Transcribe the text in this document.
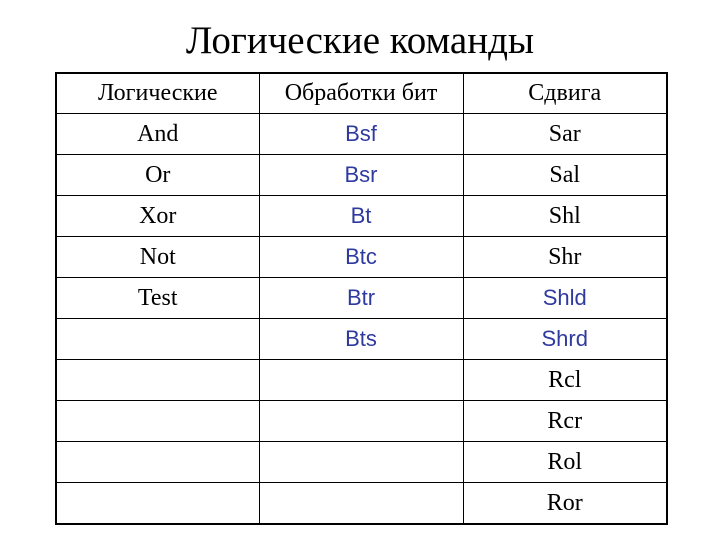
Логические команды
Логические	Обработки бит	Сдвига
And	Bsf	Sar
Or	Bsr	Sal
Xor	Bt	Shl
Not	Btc	Shr
Test	Btr	Shld
	Bts	Shrd
		Rcl
		Rcr
		Rol
		Ror
